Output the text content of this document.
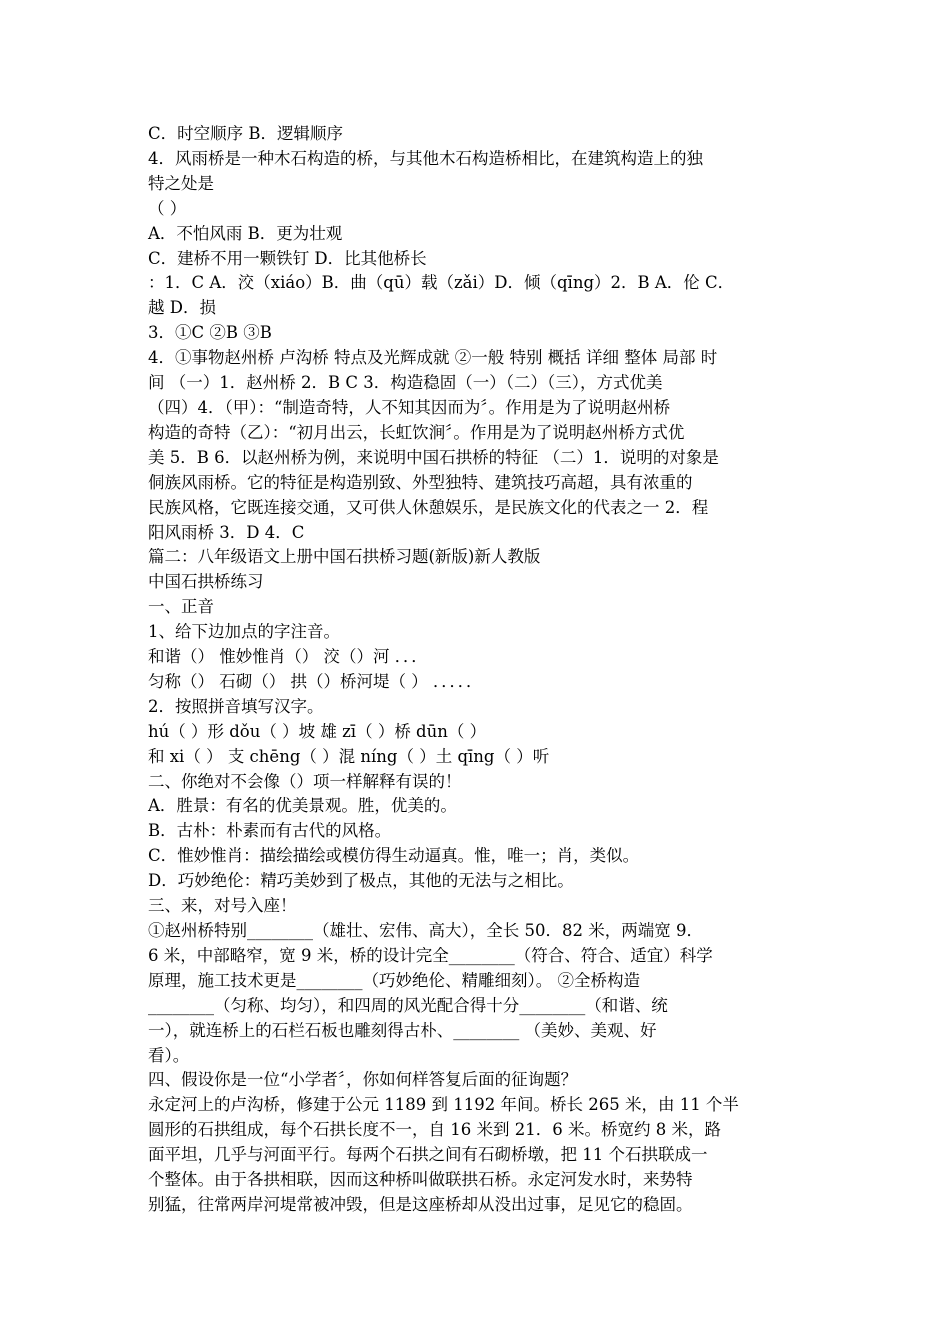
C．时空顺序 B．逻辑顺序
4．风雨桥是一种木石构造的桥，与其他木石构造桥相比，在建筑构造上的独
特之处是
（ ）
A．不怕风雨 B．更为壮观
C．建桥不用一颗铁钉 D．比其他桥长
：1．C A．洨（xiáo）B．曲（qū）载（zǎi）D．倾（qīng）2．B A．伦 C．
越 D．损
3．①C ②B ③B
4．①事物赵州桥 卢沟桥 特点及光辉成就 ②一般 特别 概括 详细 整体 局部 时
间 （一）1．赵州桥 2．B C 3．构造稳固（一）（二）（三），方式优美
（四）4．（甲）：“制造奇特，人不知其因而为〞。作用是为了说明赵州桥
构造的奇特（乙）：“初月出云，长虹饮涧〞。作用是为了说明赵州桥方式优
美 5．B 6．以赵州桥为例，来说明中国石拱桥的特征 （二）1．说明的对象是
侗族风雨桥。它的特征是构造别致、外型独特、建筑技巧高超，具有浓重的
民族风格，它既连接交通，又可供人休憩娱乐，是民族文化的代表之一 2．程
阳风雨桥 3．D 4．C
篇二：八年级语文上册中国石拱桥习题(新版)新人教版
中国石拱桥练习
一、正音
1、给下边加点的字注音。
和谐（） 惟妙惟肖（） 洨（）河 ．．．
匀称（） 石砌（） 拱（）桥河堤（ ） ．．．．．
2．按照拼音填写汉字。
hú（ ）形 dǒu（ ）坡 雄 zī（ ）桥 dūn（ ）
和 xi（ ） 支 chēng（ ）混 níng（ ）土 qīng（ ）听
二、你绝对不会像（）项一样解释有误的！
A．胜景：有名的优美景观。胜，优美的。
B．古朴：朴素而有古代的风格。
C．惟妙惟肖：描绘描绘或模仿得生动逼真。惟，唯一；肖，类似。
D．巧妙绝伦：精巧美妙到了极点，其他的无法与之相比。
三、来，对号入座！
①赵州桥特别________（雄壮、宏伟、高大），全长 50．82 米，两端宽 9．
6 米，中部略窄，宽 9 米，桥的设计完全________（符合、符合、适宜）科学
原理，施工技术更是________（巧妙绝伦、精雕细刻）。 ②全桥构造
________（匀称、均匀），和四周的风光配合得十分________（和谐、统
一），就连桥上的石栏石板也雕刻得古朴、________ （美妙、美观、好
看）。
四、假设你是一位“小学者〞，你如何样答复后面的征询题？
永定河上的卢沟桥，修建于公元 1189 到 1192 年间。桥长 265 米，由 11 个半
圆形的石拱组成，每个石拱长度不一，自 16 米到 21．6 米。桥宽约 8 米，路
面平坦，几乎与河面平行。每两个石拱之间有石砌桥墩，把 11 个石拱联成一
个整体。由于各拱相联，因而这种桥叫做联拱石桥。永定河发水时，来势特
别猛，往常两岸河堤常被冲毁，但是这座桥却从没出过事，足见它的稳固。
